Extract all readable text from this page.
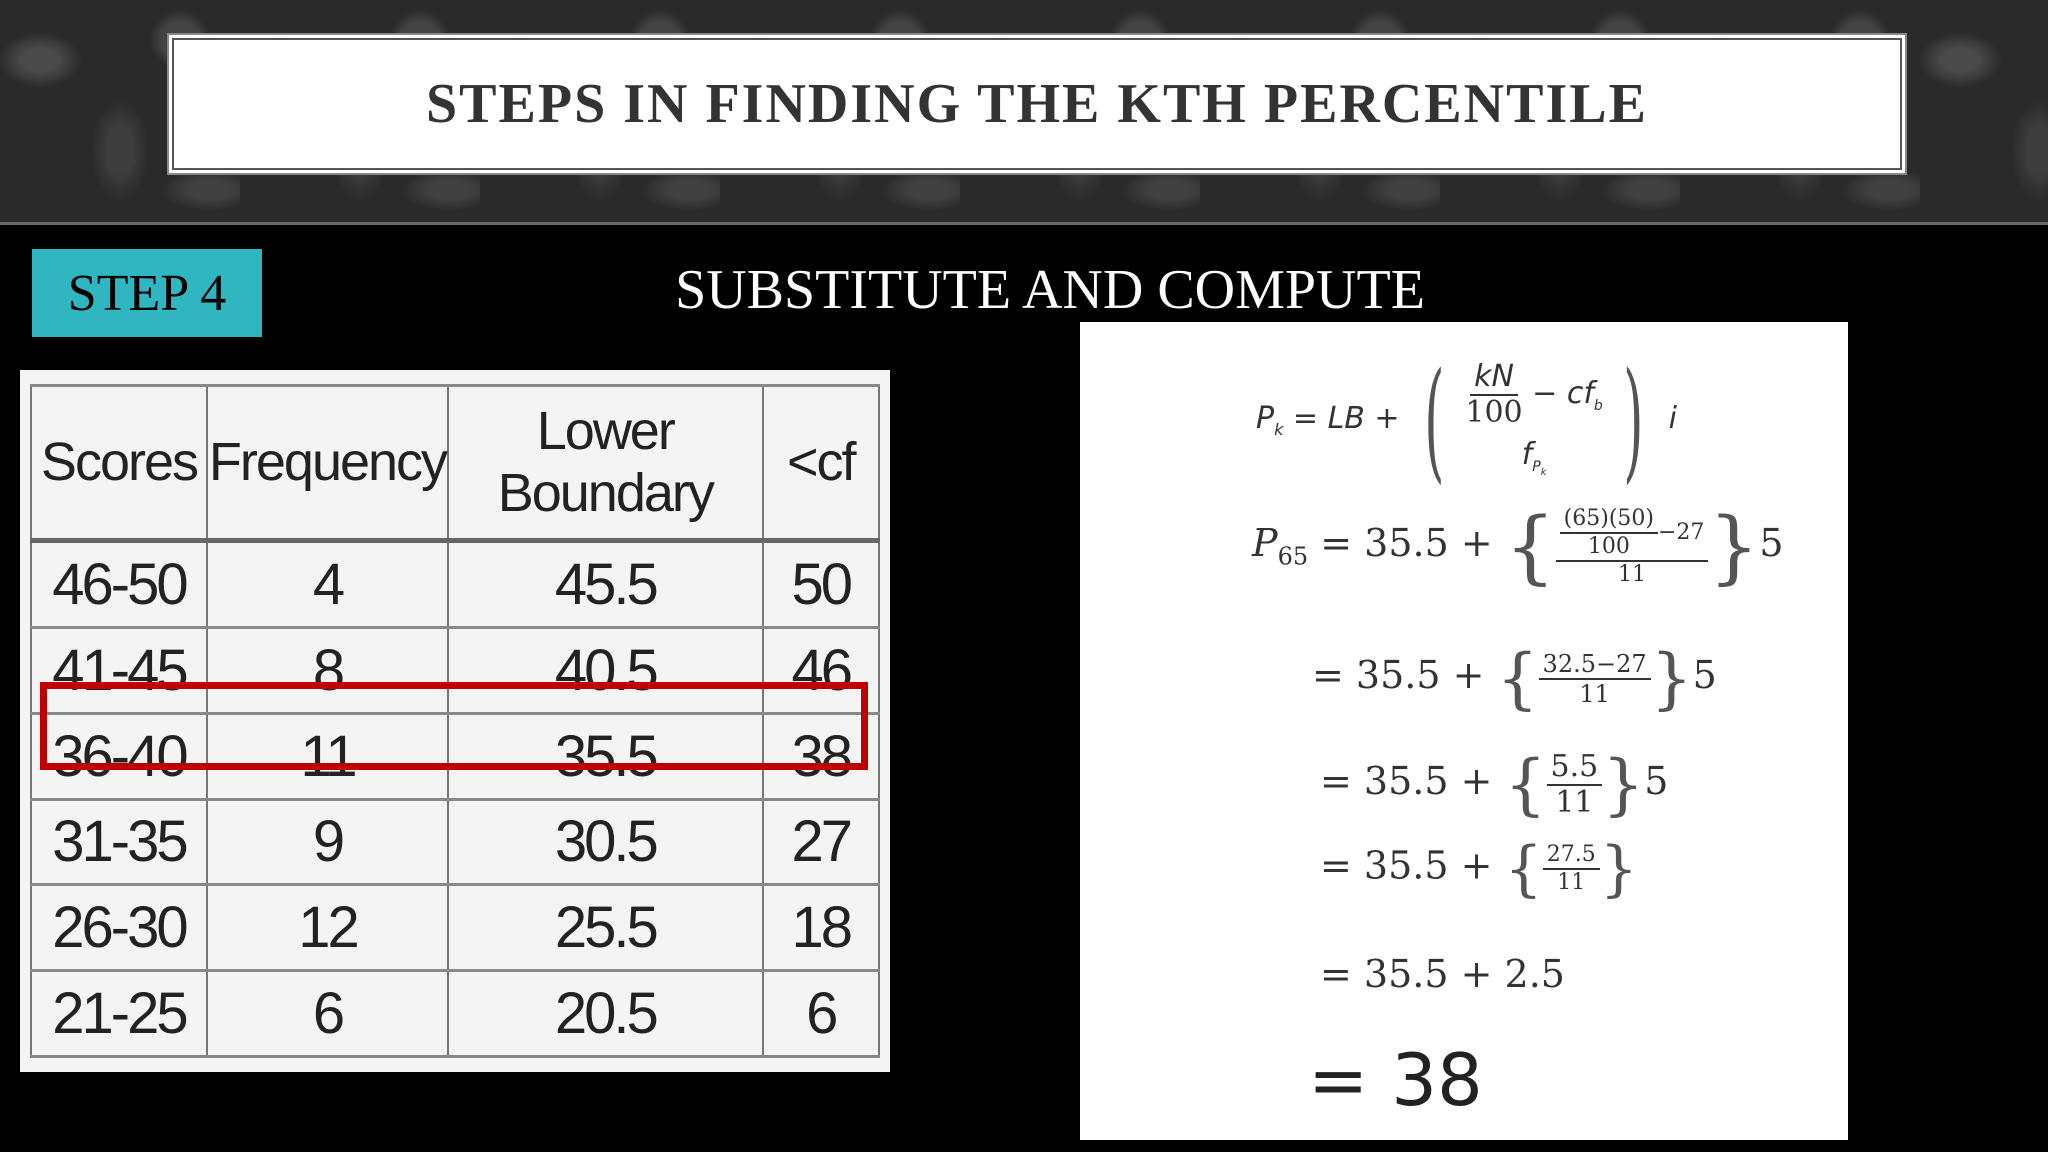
STEPS IN FINDING THE KTH PERCENTILE
STEP 4	SUBSTITUTE AND COMPUTE
Scores	Frequency	Lower Boundary	<cf
46-50	4	45.5	50
41-45	8	40.5	46
36-40	11	35.5	38
31-35	9	30.5	27
26-30	12	25.5	18
21-25	6	20.5	6
$P_k$ = LB + ( $\frac{kN}{100} - cf_b$
$f_{P_k}$ ) i
$P_{65} = 35.5$ + { $\frac{\frac{(65)(50)}{100} -27}{11} \}5$
= 35.5 + { $\frac{32.5-27}{11} \}5$
= 35.5 + { $\frac{5.5}{11} \}5$
= 35.5 + { $\frac{27.5}{11}$ }
= 35.5 + 2.5
= 38
